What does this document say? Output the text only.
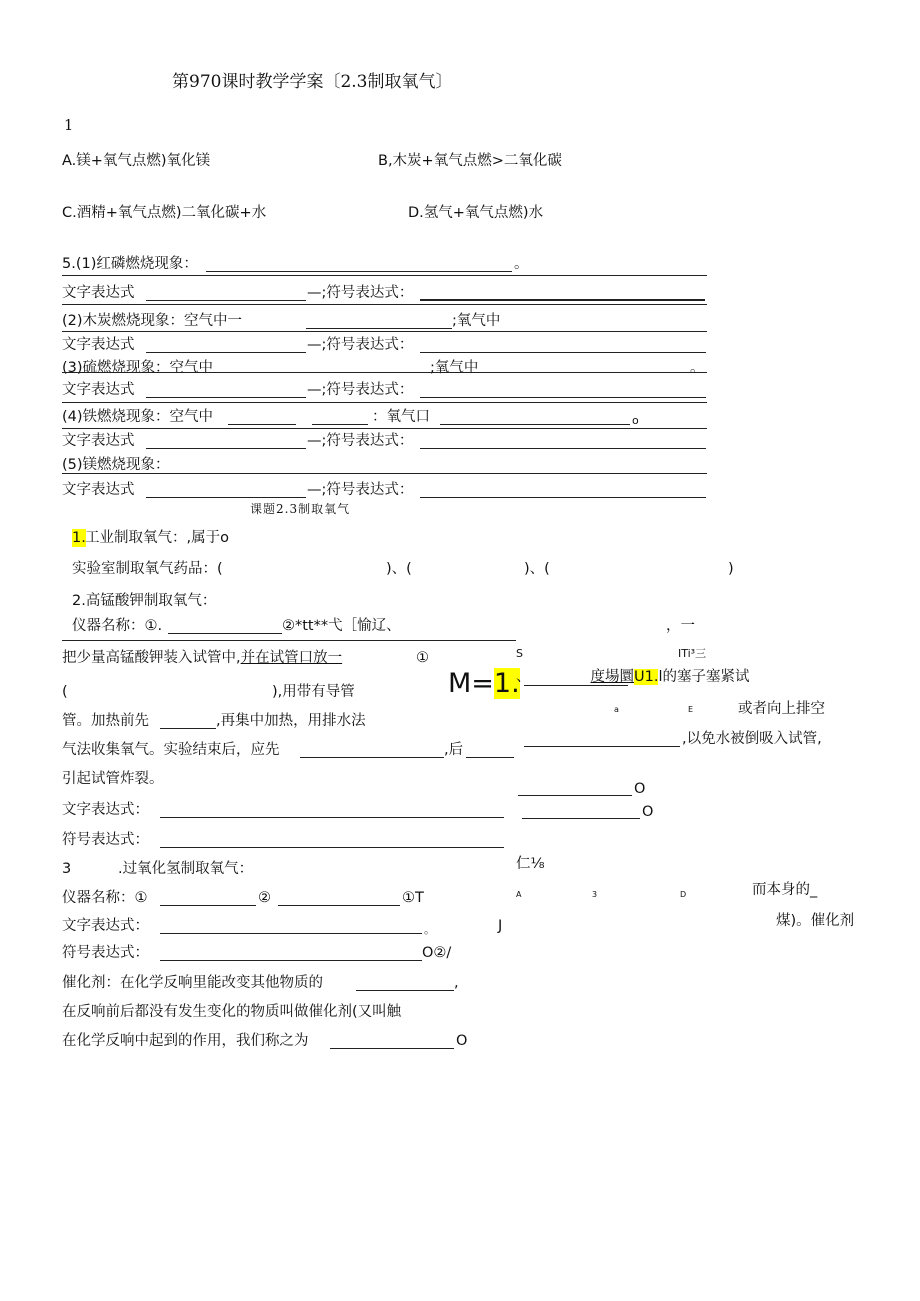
第970课时教学学案〔2.3制取氧气〕
1
A.镁+氧气点燃)氧化镁	B,木炭+氧气点燃>二氧化碳
C.酒精+氧气点燃)二氧化碳+水	D.氢气+氧气点燃)水
5.(1)红磷燃烧现象：	。
文字表达式	—;符号表达式：
(2)木炭燃烧现象：空气中一	;氧气中
文字表达式	—;符号表达式：
(3)硫燃烧现象：空气中	;氧气中	。
文字表达式	—;符号表达式：
(4)铁燃烧现象：空气中	：氧气口	o
文字表达式	—;符号表达式：
(5)镁燃烧现象：
文字表达式	—;符号表达式：
课题2.3制取氧气
1. 工业制取氧气：,属于o
实验室制取氧气药品：(	)、(	)、(	)
2.高锰酸钾制取氧气：
仪器名称：①.	②*tt**弋［愉辽、	，一
S	ITi³三
把少量高锰酸钾装入试管中,并在试管口放一	①
M=1.
、	度場圜U1.l的塞子塞紧试
(	),用带有导管
a	E	或者向上排空
管。加热前先	,再集中加热，用排水法
气法收集氧气。实验结束后，应先	,后
,以免水被倒吸入试管,
引起试管炸裂。
O
文字表达式：	O
符号表达式：
3	.过氧化氢制取氧气：	仁⅛
仪器名称：①	②	①T	A	3	D	而本身的_
文字表达式：	。	J	煤)。催化剂
符号表达式：	O②/
催化剂：在化学反响里能改变其他物质的	,
在反响前后都没有发生变化的物质叫做催化剂(又叫触
在化学反响中起到的作用，我们称之为	O
